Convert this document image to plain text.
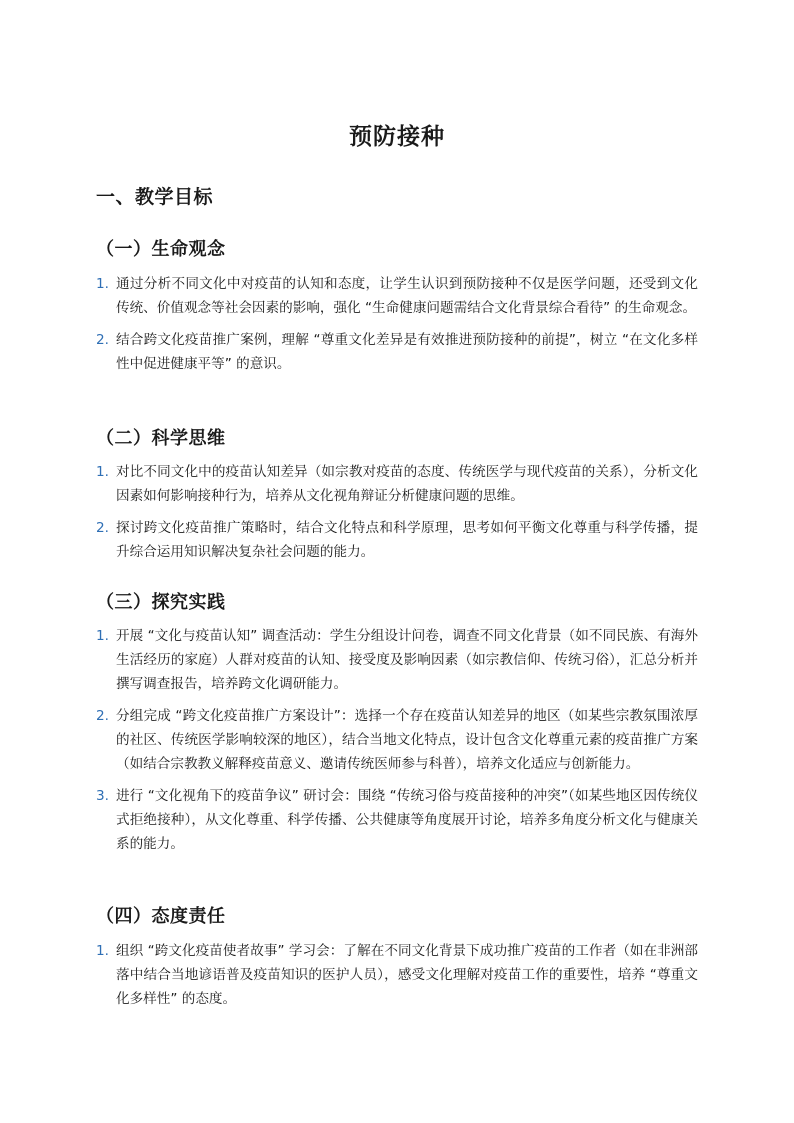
预防接种
一、教学目标
（一）生命观念
1. 通过分析不同文化中对疫苗的认知和态度，让学生认识到预防接种不仅是医学问题，还受到文化传统、价值观念等社会因素的影响，强化 “生命健康问题需结合文化背景综合看待” 的生命观念。
2. 结合跨文化疫苗推广案例，理解 “尊重文化差异是有效推进预防接种的前提”，树立 “在文化多样性中促进健康平等” 的意识。
（二）科学思维
1. 对比不同文化中的疫苗认知差异（如宗教对疫苗的态度、传统医学与现代疫苗的关系），分析文化因素如何影响接种行为，培养从文化视角辩证分析健康问题的思维。
2. 探讨跨文化疫苗推广策略时，结合文化特点和科学原理，思考如何平衡文化尊重与科学传播，提升综合运用知识解决复杂社会问题的能力。
（三）探究实践
1. 开展 “文化与疫苗认知” 调查活动：学生分组设计问卷，调查不同文化背景（如不同民族、有海外生活经历的家庭）人群对疫苗的认知、接受度及影响因素（如宗教信仰、传统习俗），汇总分析并撰写调查报告，培养跨文化调研能力。
2. 分组完成 “跨文化疫苗推广方案设计”：选择一个存在疫苗认知差异的地区（如某些宗教氛围浓厚的社区、传统医学影响较深的地区），结合当地文化特点，设计包含文化尊重元素的疫苗推广方案（如结合宗教教义解释疫苗意义、邀请传统医师参与科普），培养文化适应与创新能力。
3. 进行 “文化视角下的疫苗争议” 研讨会：围绕 “传统习俗与疫苗接种的冲突”（如某些地区因传统仪式拒绝接种），从文化尊重、科学传播、公共健康等角度展开讨论，培养多角度分析文化与健康关系的能力。
（四）态度责任
1. 组织 “跨文化疫苗使者故事” 学习会：了解在不同文化背景下成功推广疫苗的工作者（如在非洲部落中结合当地谚语普及疫苗知识的医护人员），感受文化理解对疫苗工作的重要性，培养 “尊重文化多样性” 的态度。
